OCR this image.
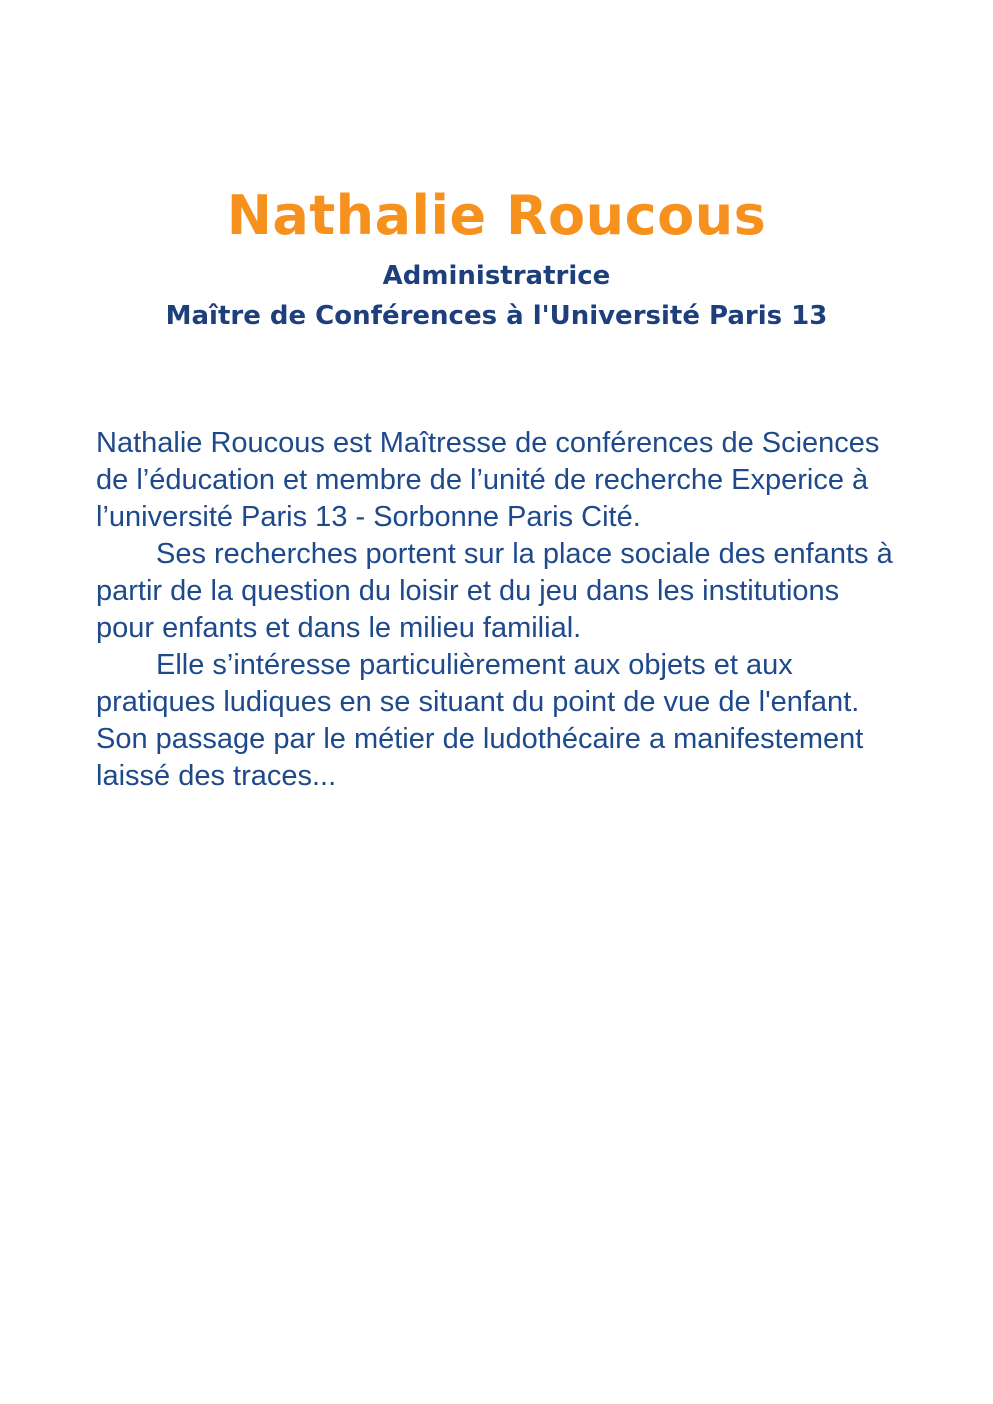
Nathalie Roucous

Administratrice

Maître de Conférences à l'Université Paris 13

Nathalie Roucous est Maîtresse de conférences de Sciences de l’éducation et membre de l’unité de recherche Experice à l’université Paris 13 - Sorbonne Paris Cité.

Ses recherches portent sur la place sociale des enfants à partir de la question du loisir et du jeu dans les institutions pour enfants et dans le milieu familial.

Elle s’intéresse particulièrement aux objets et aux pratiques ludiques en se situant du point de vue de l'enfant. Son passage par le métier de ludothécaire a manifestement laissé des traces...
